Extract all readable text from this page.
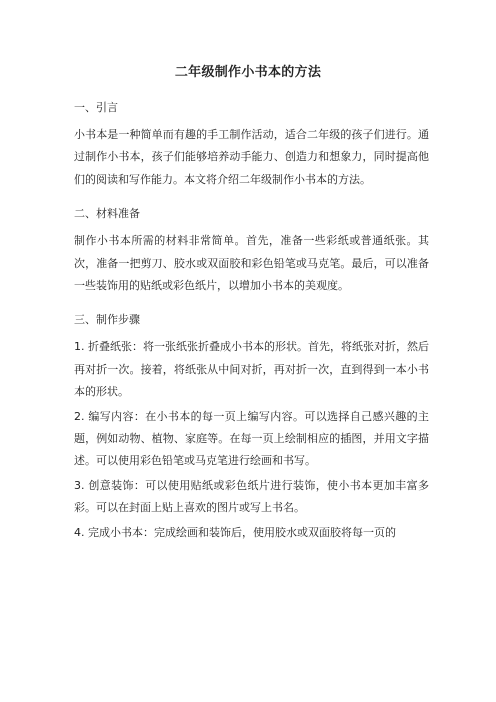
二年级制作小书本的方法
一、引言

小书本是一种简单而有趣的手工制作活动，适合二年级的孩子们进行。通过制作小书本，孩子们能够培养动手能力、创造力和想象力，同时提高他们的阅读和写作能力。本文将介绍二年级制作小书本的方法。

二、材料准备

制作小书本所需的材料非常简单。首先，准备一些彩纸或普通纸张。其次，准备一把剪刀、胶水或双面胶和彩色铅笔或马克笔。最后，可以准备一些装饰用的贴纸或彩色纸片，以增加小书本的美观度。

三、制作步骤

1. 折叠纸张：将一张纸张折叠成小书本的形状。首先，将纸张对折，然后再对折一次。接着，将纸张从中间对折，再对折一次，直到得到一本小书本的形状。

2. 编写内容：在小书本的每一页上编写内容。可以选择自己感兴趣的主题，例如动物、植物、家庭等。在每一页上绘制相应的插图，并用文字描述。可以使用彩色铅笔或马克笔进行绘画和书写。

3. 创意装饰：可以使用贴纸或彩色纸片进行装饰，使小书本更加丰富多彩。可以在封面上贴上喜欢的图片或写上书名。

4. 完成小书本：完成绘画和装饰后，使用胶水或双面胶将每一页的
